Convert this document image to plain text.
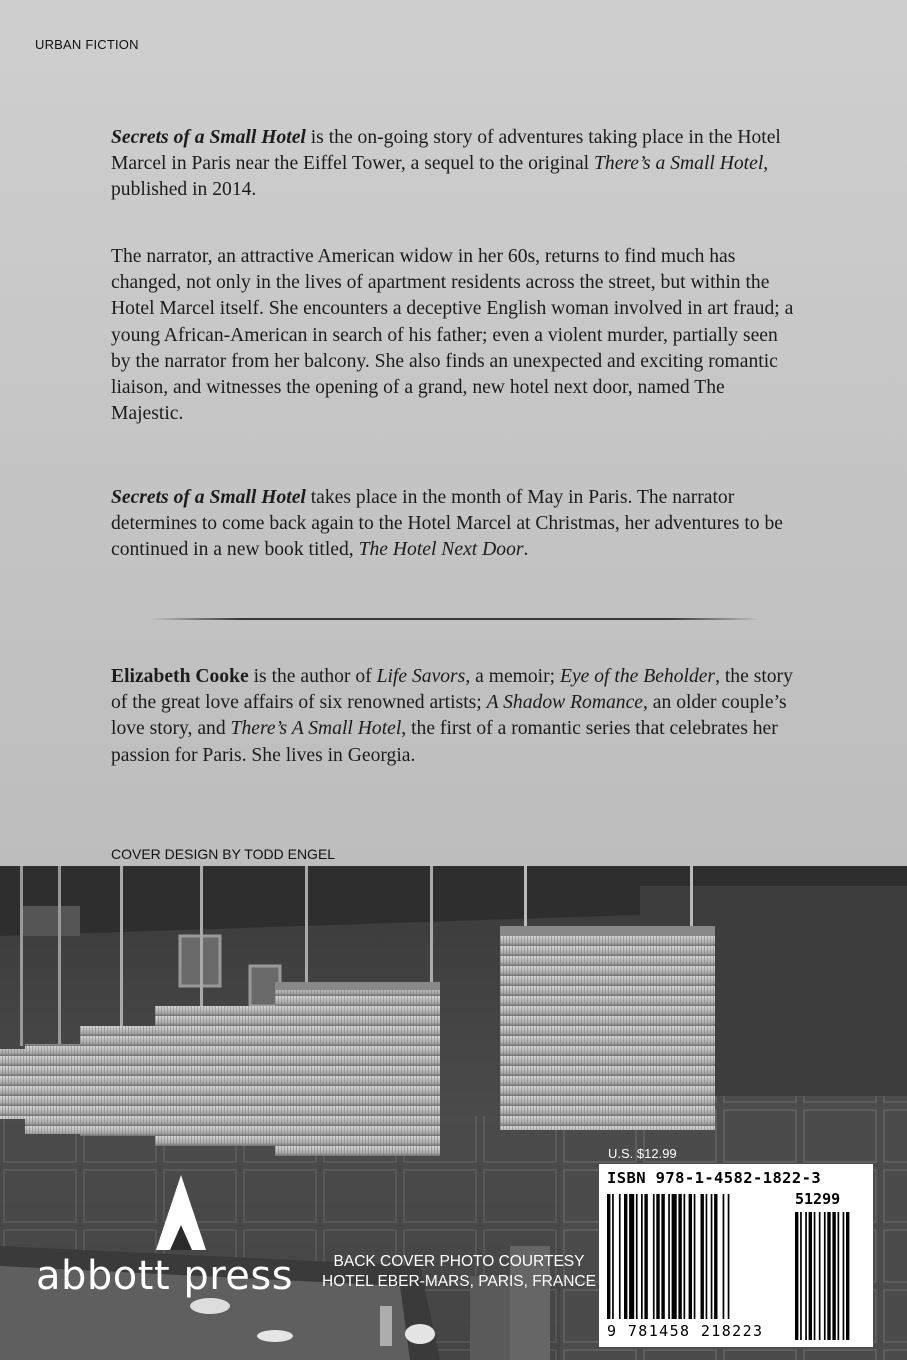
URBAN FICTION
Secrets of a Small Hotel is the on-going story of adventures taking place in the Hotel Marcel in Paris near the Eiffel Tower, a sequel to the original There’s a Small Hotel, published in 2014.
The narrator, an attractive American widow in her 60s, returns to find much has changed, not only in the lives of apartment residents across the street, but within the Hotel Marcel itself. She encounters a deceptive English woman involved in art fraud; a young African-American in search of his father; even a violent murder, partially seen by the narrator from her balcony. She also finds an unexpected and exciting romantic liaison, and witnesses the opening of a grand, new hotel next door, named The Majestic.
Secrets of a Small Hotel takes place in the month of May in Paris. The narrator determines to come back again to the Hotel Marcel at Christmas, her adventures to be continued in a new book titled, The Hotel Next Door.
Elizabeth Cooke is the author of Life Savors, a memoir; Eye of the Beholder, the story of the great love affairs of six renowned artists; A Shadow Romance, an older couple’s love story, and There’s A Small Hotel, the first of a romantic series that celebrates her passion for Paris. She lives in Georgia.
COVER DESIGN BY TODD ENGEL
U.S. $12.99
ISBN 978-1-4582-1822-3
51299
9 781458 218223
BACK COVER PHOTO COURTESY
HOTEL EBER-MARS, PARIS, FRANCE
abbott press
